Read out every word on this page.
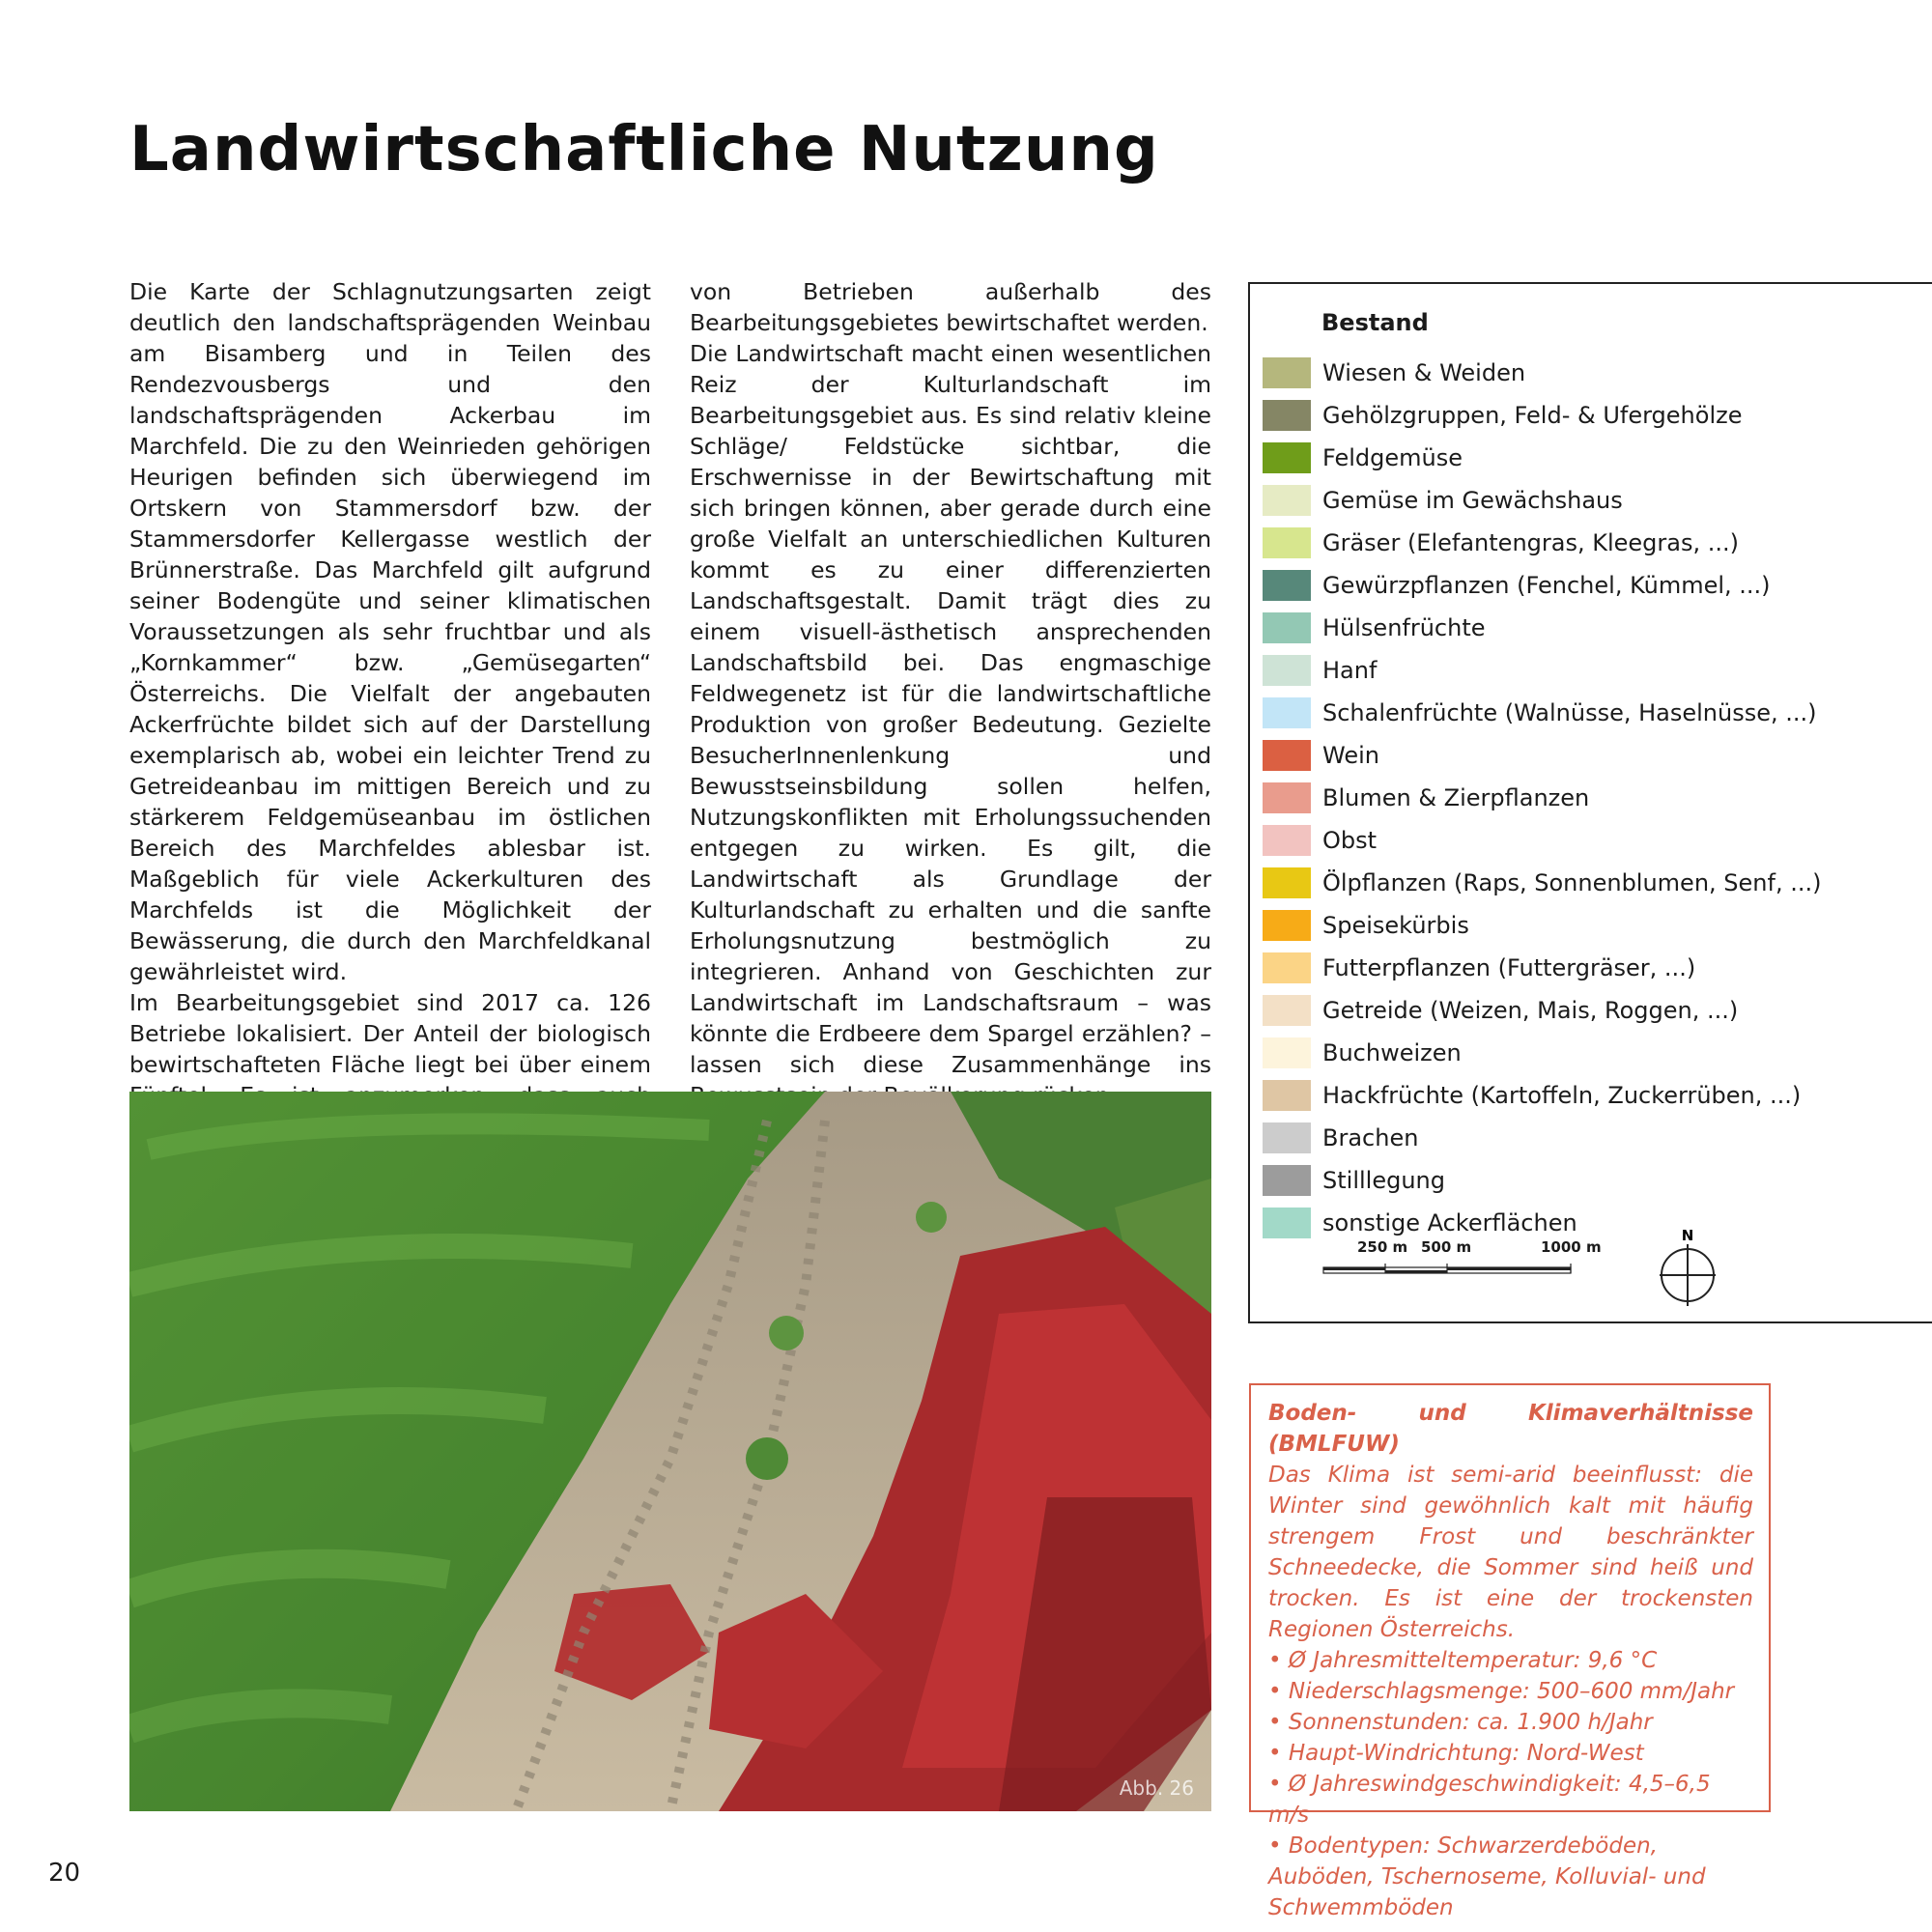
Landwirtschaftliche Nutzung

Die Karte der Schlagnutzungsarten zeigt deutlich den landschaftsprägenden Weinbau am Bisamberg und in Teilen des Rendezvousbergs und den landschaftsprägenden Ackerbau im Marchfeld. Die zu den Weinrieden gehörigen Heurigen befinden sich überwiegend im Ortskern von Stammersdorf bzw. der Stammersdorfer Kellergasse westlich der Brünnerstraße. Das Marchfeld gilt aufgrund seiner Bodengüte und seiner klimatischen Voraussetzungen als sehr fruchtbar und als „Kornkammer“ bzw. „Gemüsegarten“ Österreichs. Die Vielfalt der angebauten Ackerfrüchte bildet sich auf der Darstellung exemplarisch ab, wobei ein leichter Trend zu Getreideanbau im mittigen Bereich und zu stärkerem Feldgemüseanbau im östlichen Bereich des Marchfeldes ablesbar ist. Maßgeblich für viele Ackerkulturen des Marchfelds ist die Möglichkeit der Bewässerung, die durch den Marchfeldkanal gewährleistet wird.

Im Bearbeitungsgebiet sind 2017 ca. 126 Betriebe lokalisiert. Der Anteil der biologisch bewirtschafteten Fläche liegt bei über einem

von Betrieben außerhalb des Bearbeitungsgebietes bewirtschaftet werden.

Die Landwirtschaft macht einen wesentlichen Reiz der Kulturlandschaft im Bearbeitungsgebiet aus. Es sind relativ kleine Schläge/ Feldstücke sichtbar, die Erschwernisse in der Bewirtschaftung mit sich bringen können, aber gerade durch eine große Vielfalt an unterschiedlichen Kulturen kommt es zu einer differenzierten Landschaftsgestalt. Damit trägt dies zu einem visuell-ästhetisch ansprechenden Landschaftsbild bei. Das engmaschige Feldwegenetz ist für die landwirtschaftliche Produktion von großer Bedeutung. Gezielte BesucherInnenlenkung und Bewusstseinsbildung sollen helfen, Nutzungskonflikten mit Erholungssuchenden entgegen zu wirken. Es gilt, die Landwirtschaft als Grundlage der Kulturlandschaft zu erhalten und die sanfte Erholungsnutzung bestmöglich zu integrieren. Anhand von Geschichten zur Landwirtschaft im Landschaftsraum – was könnte die Erdbeere dem Spargel erzählen? – lassen sich diese Zusammenhänge ins

Abb. 26
Bestand
Wiesen & Weiden
Gehölzgruppen, Feld- & Ufergehölze
Feldgemüse
Gemüse im Gewächshaus
Gräser (Elefantengras, Kleegras, ...)
Gewürzpflanzen (Fenchel, Kümmel, ...)
Hülsenfrüchte
Hanf
Schalenfrüchte (Walnüsse, Haselnüsse, ...)
Wein
Blumen & Zierpflanzen
Obst
Ölpflanzen (Raps, Sonnenblumen, Senf, ...)
Speisekürbis
Futterpflanzen (Futtergräser, ...)
Getreide (Weizen, Mais, Roggen, ...)
Buchweizen
Hackfrüchte (Kartoffeln, Zuckerrüben, ...)
Brachen
Stilllegung
sonstige Ackerflächen
250 m 500 m	1000 m
N

Boden- und Klimaverhältnisse (BMLFUW)

Das Klima ist semi-arid beeinflusst: die Winter sind gewöhnlich kalt mit häufig strengem Frost und beschränkter Schneedecke, die Sommer sind heiß und trocken. Es ist eine der trockensten Regionen Österreichs.

• Ø Jahresmitteltemperatur: 9,6 °C
• Niederschlagsmenge: 500–600 mm/Jahr
• Sonnenstunden: ca. 1.900 h/Jahr
• Haupt-Windrichtung: Nord-West
• Ø Jahreswindgeschwindigkeit: 4,5–6,5 m/s
• Bodentypen: Schwarzerdeböden, Auböden, Tschernoseme, Kolluvial- und Schwemmböden
20
